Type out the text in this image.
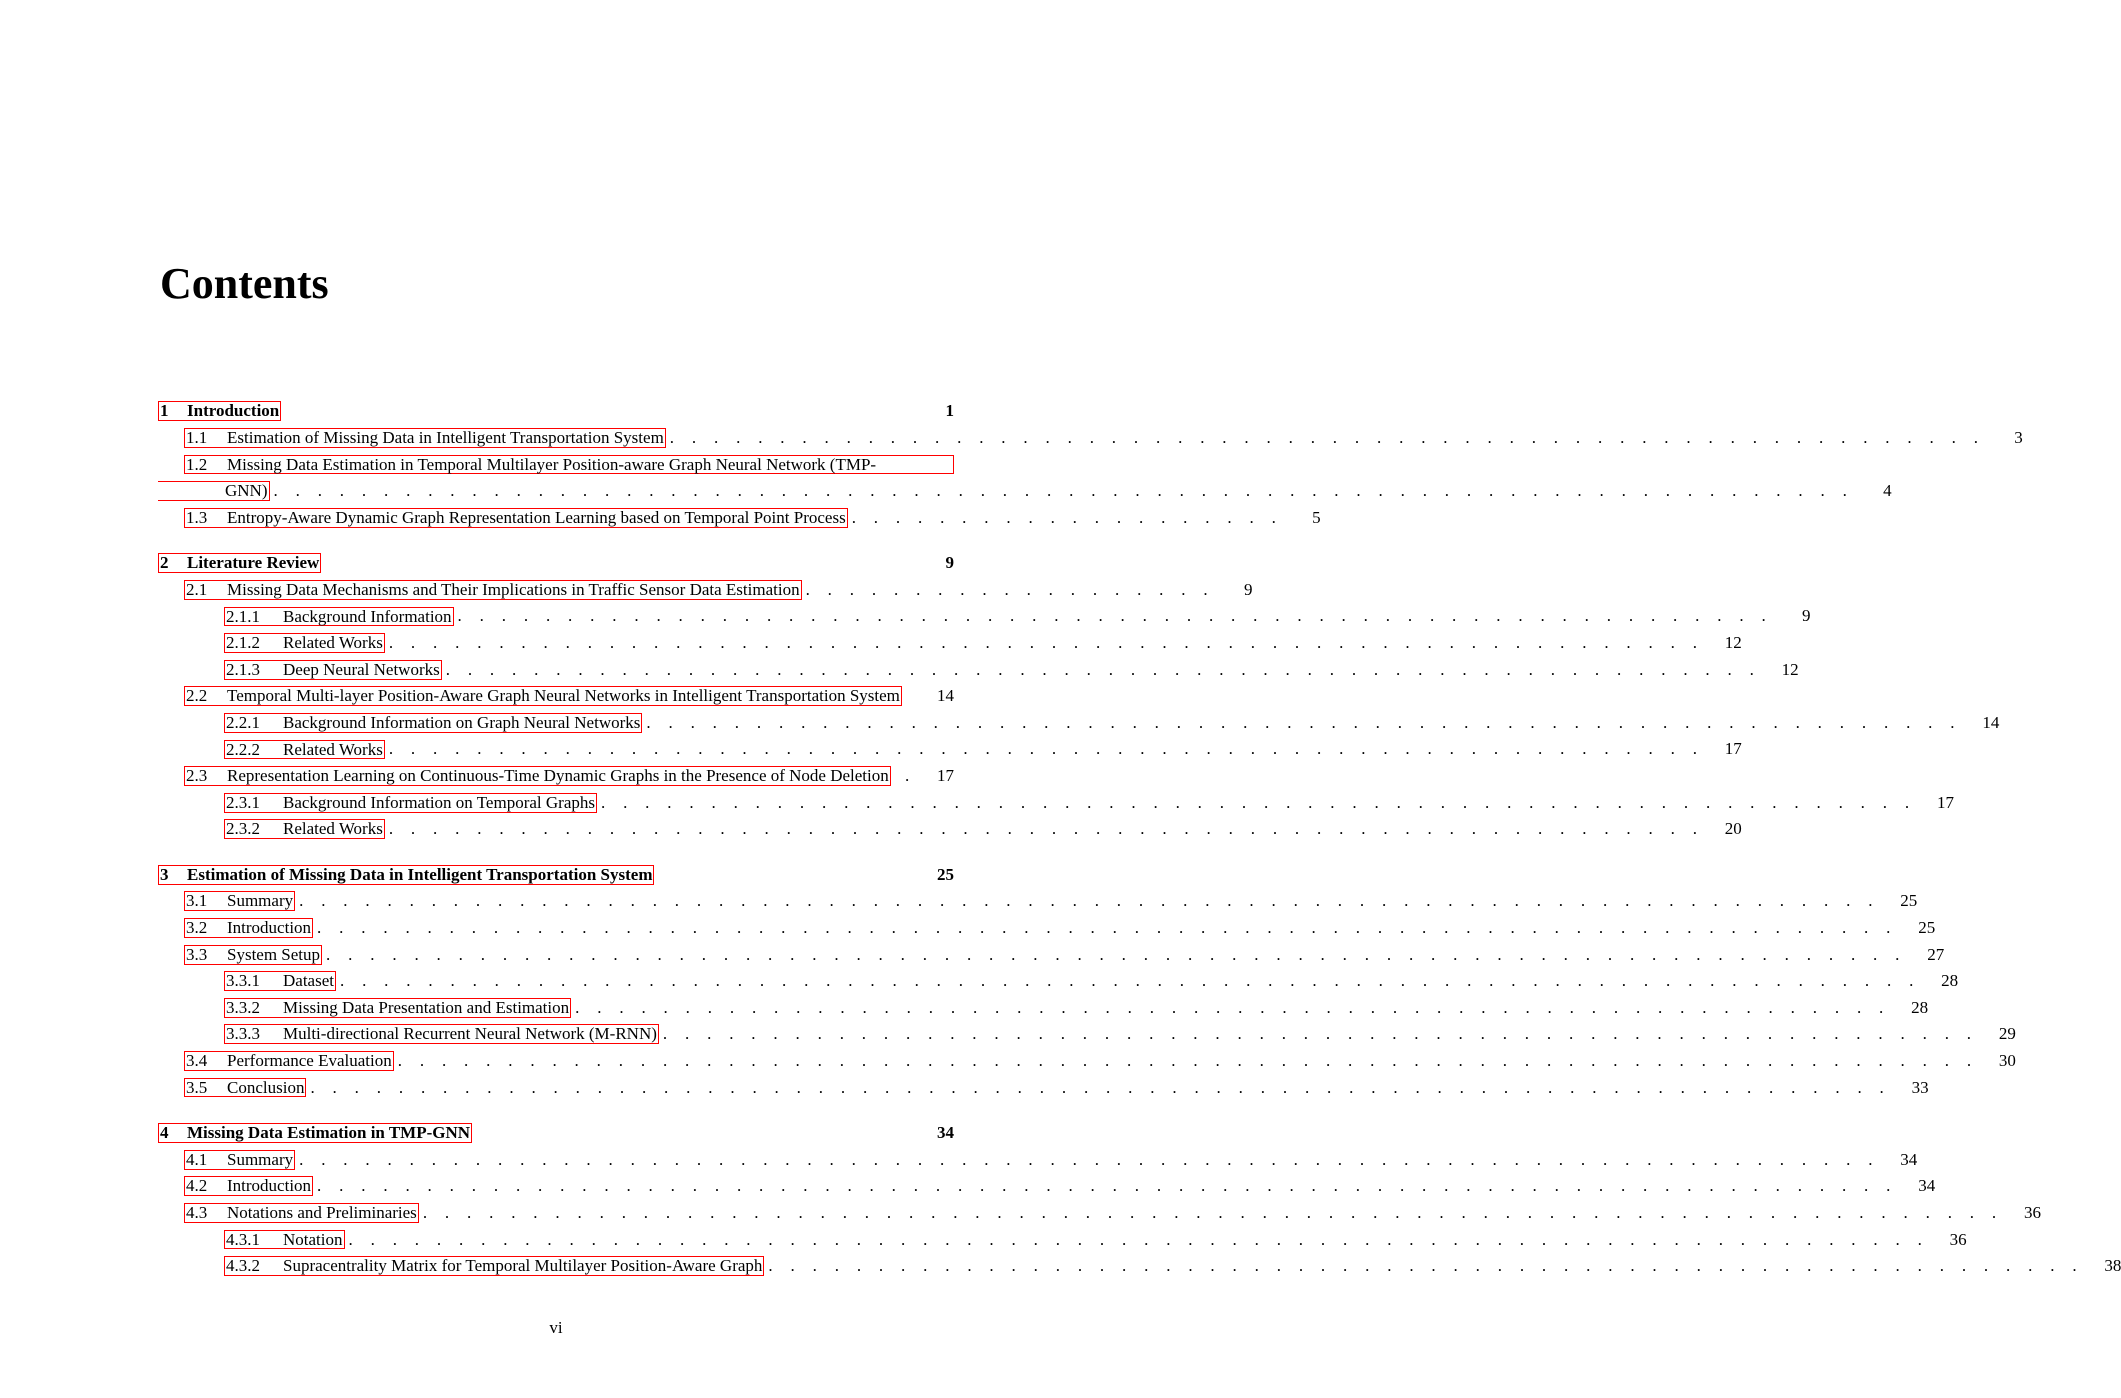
Contents
1	Introduction	1
1.1	Estimation of Missing Data in Intelligent Transportation System . . . . . . . . . . . . . . . . . . . . . . . . . . . . . . . . . . . . . . . . . . . . . . . . . . . . . . . . . . . .	3
1.2	Missing Data Estimation in Temporal Multilayer Position-aware Graph Neural Network (TMP-
GNN) . . . . . . . . . . . . . . . . . . . . . . . . . . . . . . . . . . . . . . . . . . . . . . . . . . . . . . . . . . . . . . . . . . . . . . . .	4
1.3	Entropy-Aware Dynamic Graph Representation Learning based on Temporal Point Process . . . . . . . . . . . . . . . . . . . .	5
2	Literature Review	9
2.1	Missing Data Mechanisms and Their Implications in Traffic Sensor Data Estimation . . . . . . . . . . . . . . . . . . .	9
2.1.1	Background Information . . . . . . . . . . . . . . . . . . . . . . . . . . . . . . . . . . . . . . . . . . . . . . . . . . . . . . . . . . . .	9
2.1.2	Related Works . . . . . . . . . . . . . . . . . . . . . . . . . . . . . . . . . . . . . . . . . . . . . . . . . . . . . . . . . . . .	12
2.1.3	Deep Neural Networks . . . . . . . . . . . . . . . . . . . . . . . . . . . . . . . . . . . . . . . . . . . . . . . . . . . . . . . . . . . .	12
2.2	Temporal Multi-layer Position-Aware Graph Neural Networks in Intelligent Transportation System	14
2.2.1	Background Information on Graph Neural Networks . . . . . . . . . . . . . . . . . . . . . . . . . . . . . . . . . . . . . . . . . . . . . . . . . . . . . . . . . . . .	14
2.2.2	Related Works . . . . . . . . . . . . . . . . . . . . . . . . . . . . . . . . . . . . . . . . . . . . . . . . . . . . . . . . . . . .	17
2.3	Representation Learning on Continuous-Time Dynamic Graphs in the Presence of Node Deletion .	17
2.3.1	Background Information on Temporal Graphs . . . . . . . . . . . . . . . . . . . . . . . . . . . . . . . . . . . . . . . . . . . . . . . . . . . . . . . . . . . .	17
2.3.2	Related Works . . . . . . . . . . . . . . . . . . . . . . . . . . . . . . . . . . . . . . . . . . . . . . . . . . . . . . . . . . . .	20
3	Estimation of Missing Data in Intelligent Transportation System	25
3.1	Summary . . . . . . . . . . . . . . . . . . . . . . . . . . . . . . . . . . . . . . . . . . . . . . . . . . . . . . . . . . . . . . . . . . . . . . . .	25
3.2	Introduction . . . . . . . . . . . . . . . . . . . . . . . . . . . . . . . . . . . . . . . . . . . . . . . . . . . . . . . . . . . . . . . . . . . . . . . .	25
3.3	System Setup . . . . . . . . . . . . . . . . . . . . . . . . . . . . . . . . . . . . . . . . . . . . . . . . . . . . . . . . . . . . . . . . . . . . . . . .	27
3.3.1	Dataset . . . . . . . . . . . . . . . . . . . . . . . . . . . . . . . . . . . . . . . . . . . . . . . . . . . . . . . . . . . . . . . . . . . . . . . .	28
3.3.2	Missing Data Presentation and Estimation . . . . . . . . . . . . . . . . . . . . . . . . . . . . . . . . . . . . . . . . . . . . . . . . . . . . . . . . . . . .	28
3.3.3	Multi-directional Recurrent Neural Network (M-RNN) . . . . . . . . . . . . . . . . . . . . . . . . . . . . . . . . . . . . . . . . . . . . . . . . . . . . . . . . . . . .	29
3.4	Performance Evaluation . . . . . . . . . . . . . . . . . . . . . . . . . . . . . . . . . . . . . . . . . . . . . . . . . . . . . . . . . . . . . . . . . . . . . . . .	30
3.5	Conclusion . . . . . . . . . . . . . . . . . . . . . . . . . . . . . . . . . . . . . . . . . . . . . . . . . . . . . . . . . . . . . . . . . . . . . . . .	33
4	Missing Data Estimation in TMP-GNN	34
4.1	Summary . . . . . . . . . . . . . . . . . . . . . . . . . . . . . . . . . . . . . . . . . . . . . . . . . . . . . . . . . . . . . . . . . . . . . . . .	34
4.2	Introduction . . . . . . . . . . . . . . . . . . . . . . . . . . . . . . . . . . . . . . . . . . . . . . . . . . . . . . . . . . . . . . . . . . . . . . . .	34
4.3	Notations and Preliminaries . . . . . . . . . . . . . . . . . . . . . . . . . . . . . . . . . . . . . . . . . . . . . . . . . . . . . . . . . . . . . . . . . . . . . . . .	36
4.3.1	Notation . . . . . . . . . . . . . . . . . . . . . . . . . . . . . . . . . . . . . . . . . . . . . . . . . . . . . . . . . . . . . . . . . . . . . . . .	36
4.3.2	Supracentrality Matrix for Temporal Multilayer Position-Aware Graph . . . . . . . . . . . . . . . . . . . . . . . . . . . . . . . . . . . . . . . . . . . . . . . . . . . . . . . . . . . .	38
vi
